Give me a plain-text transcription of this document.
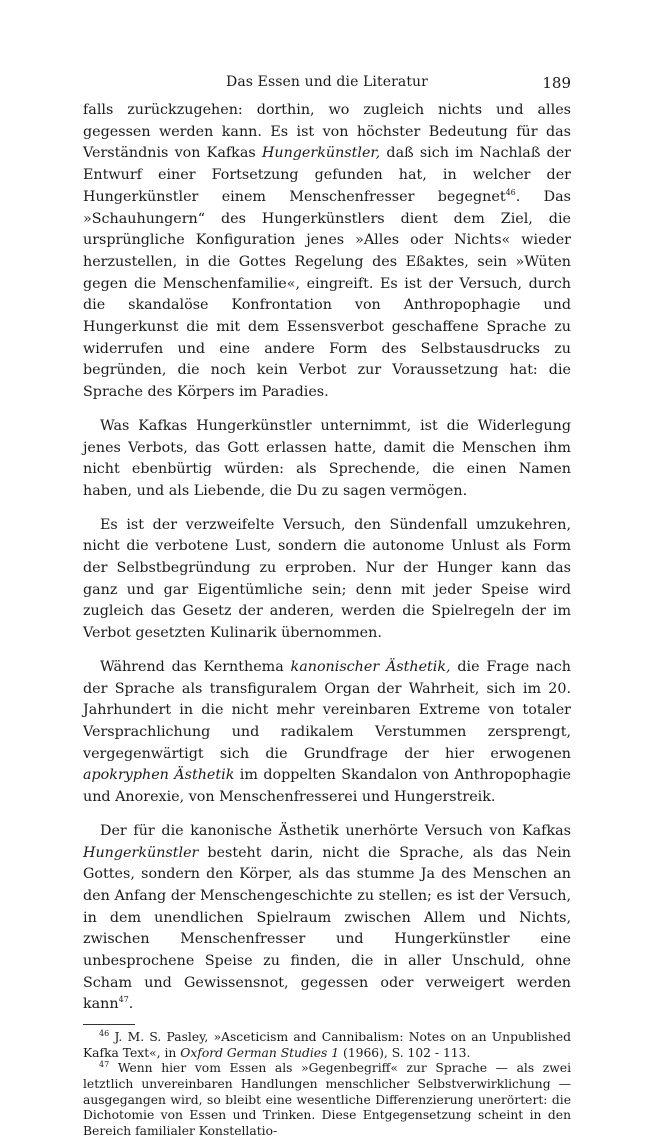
Das Essen und die Literatur	189

falls zurückzugehen: dorthin, wo zugleich nichts und alles gegessen werden kann. Es ist von höchster Bedeutung für das Verständnis von Kafkas Hungerkünstler, daß sich im Nachlaß der Entwurf einer Fortsetzung gefunden hat, in welcher der Hungerkünstler einem Menschenfresser begegnet$^{46}$. Das »Schauhungern“ des Hungerkünstlers dient dem Ziel, die ursprüngliche Konfiguration jenes »Alles oder Nichts« wieder herzustellen, in die Gottes Regelung des Eßaktes, sein »Wüten gegen die Menschenfamilie«, eingreift. Es ist der Versuch, durch die skandalöse Konfrontation von Anthropophagie und Hungerkunst die mit dem Essensverbot geschaffene Sprache zu widerrufen und eine andere Form des Selbstausdrucks zu begründen, die noch kein Verbot zur Voraussetzung hat: die Sprache des Körpers im Paradies.

Was Kafkas Hungerkünstler unternimmt, ist die Widerlegung jenes Verbots, das Gott erlassen hatte, damit die Menschen ihm nicht ebenbürtig würden: als Sprechende, die einen Namen haben, und als Liebende, die Du zu sagen vermögen.

Es ist der verzweifelte Versuch, den Sündenfall umzukehren, nicht die verbotene Lust, sondern die autonome Unlust als Form der Selbstbegründung zu erproben. Nur der Hunger kann das ganz und gar Eigentümliche sein; denn mit jeder Speise wird zugleich das Gesetz der anderen, werden die Spielregeln der im Verbot gesetzten Kulinarik übernommen.

Während das Kernthema kanonischer Ästhetik, die Frage nach der Sprache als transfiguralem Organ der Wahrheit, sich im 20. Jahrhundert in die nicht mehr vereinbaren Extreme von totaler Versprachlichung und radikalem Verstummen zersprengt, vergegenwärtigt sich die Grundfrage der hier erwogenen apokryphen Ästhetik im doppelten Skandalon von Anthropophagie und Anorexie, von Menschenfresserei und Hungerstreik.

Der für die kanonische Ästhetik unerhörte Versuch von Kafkas Hungerkünstler besteht darin, nicht die Sprache, als das Nein Gottes, sondern den Körper, als das stumme Ja des Menschen an den Anfang der Menschengeschichte zu stellen; es ist der Versuch, in dem unendlichen Spielraum zwischen Allem und Nichts, zwischen Menschenfresser und Hungerkünstler eine unbesprochene Speise zu finden, die in aller Unschuld, ohne Scham und Gewissensnot, gegessen oder verweigert werden kann$^{47}$.

$^{46}$ J. M. S. Pasley, »Asceticism and Cannibalism: Notes on an Unpublished Kafka Text«, in Oxford German Studies 1 (1966), S. 102 - 113.

$^{47}$ Wenn hier vom Essen als »Gegenbegriff« zur Sprache — als zwei letztlich unvereinbaren Handlungen menschlicher Selbstverwirklichung — ausgegangen wird, so bleibt eine wesentliche Differenzierung unerörtert: die Dichotomie von Essen und Trinken. Diese Entgegensetzung scheint in den Bereich familialer Konstellatio-
